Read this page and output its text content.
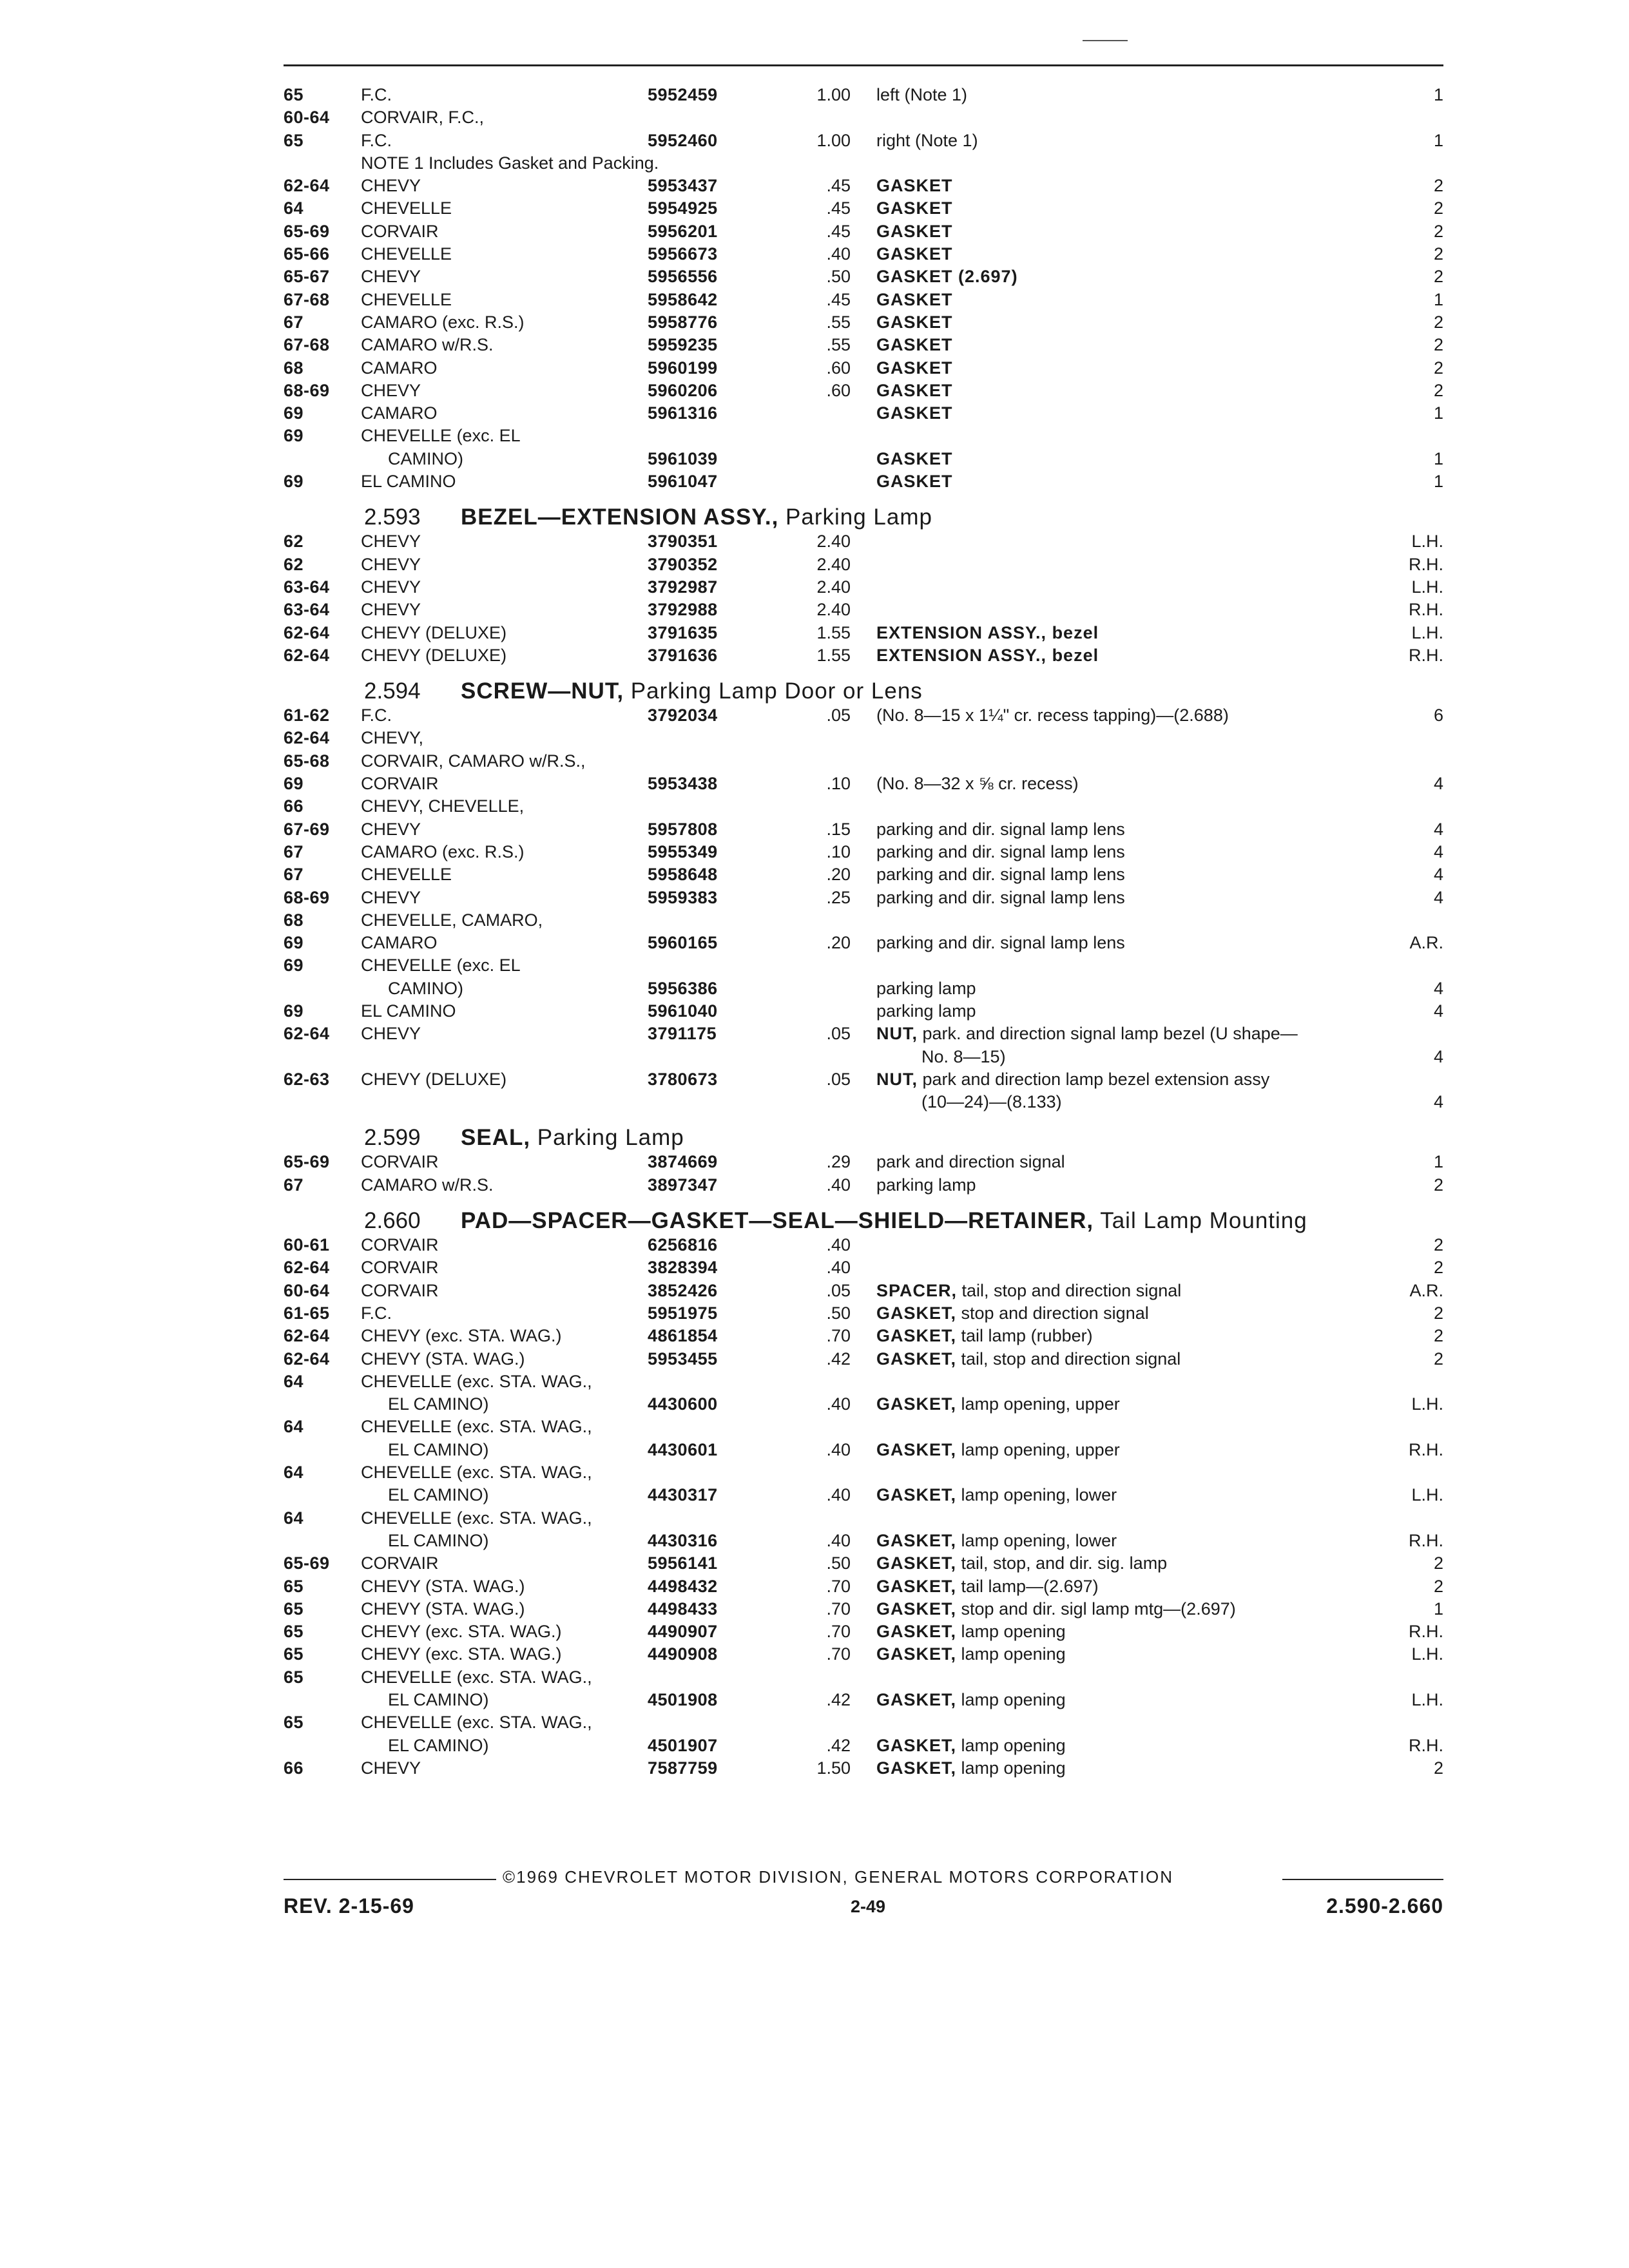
65	F.C.	5952459	1.00 left (Note 1)	1
60-64	CORVAIR, F.C.,
65	F.C.	5952460	1.00 right (Note 1)	1
NOTE 1 Includes Gasket and Packing.
62-64	CHEVY	5953437	.45 GASKET	2
64	CHEVELLE	5954925	.45 GASKET	2
65-69	CORVAIR	5956201	.45 GASKET	2
65-66	CHEVELLE	5956673	.40 GASKET	2
65-67	CHEVY	5956556	.50 GASKET (2.697)	2
67-68	CHEVELLE	5958642	.45 GASKET	1
67	CAMARO (exc. R.S.)	5958776	.55 GASKET	2
67-68	CAMARO w/R.S.	5959235	.55 GASKET	2
68	CAMARO	5960199	.60 GASKET	2
68-69	CHEVY	5960206	.60 GASKET	2
69	CAMARO	5961316	GASKET	1
69	CHEVELLE (exc. EL
CAMINO)	5961039	GASKET	1
69	EL CAMINO	5961047	GASKET	1
2.593 BEZEL—EXTENSION ASSY., Parking Lamp
62	CHEVY	3790351	2.40	L.H.
62	CHEVY	3790352	2.40	R.H.
63-64	CHEVY	3792987	2.40	L.H.
63-64	CHEVY	3792988	2.40	R.H.
62-64	CHEVY (DELUXE)	3791635	1.55 EXTENSION ASSY., bezel	L.H.
62-64	CHEVY (DELUXE)	3791636	1.55 EXTENSION ASSY., bezel	R.H.
2.594 SCREW—NUT, Parking Lamp Door or Lens
61-62	F.C.	3792034	.05 (No. 8—15 x 1¼" cr. recess tapping)—(2.688)	6
62-64	CHEVY,
65-68	CORVAIR, CAMARO w/R.S.,
69	CORVAIR	5953438	.10 (No. 8—32 x ⅝ cr. recess)	4
66	CHEVY, CHEVELLE,
67-69	CHEVY	5957808	.15 parking and dir. signal lamp lens	4
67	CAMARO (exc. R.S.)	5955349	.10 parking and dir. signal lamp lens	4
67	CHEVELLE	5958648	.20 parking and dir. signal lamp lens	4
68-69	CHEVY	5959383	.25 parking and dir. signal lamp lens	4
68	CHEVELLE, CAMARO,
69	CAMARO	5960165	.20 parking and dir. signal lamp lens	A.R.
69	CHEVELLE (exc. EL
CAMINO)	5956386	parking lamp	4
69	EL CAMINO	5961040	parking lamp	4
62-64	CHEVY	3791175	.05 NUT, park. and direction signal lamp bezel (U shape—
No. 8—15)	4
62-63	CHEVY (DELUXE)	3780673	.05 NUT, park and direction lamp bezel extension assy
(10—24)—(8.133)	4
2.599 SEAL, Parking Lamp
65-69	CORVAIR	3874669	.29 park and direction signal	1
67	CAMARO w/R.S.	3897347	.40 parking lamp	2
2.660 PAD—SPACER—GASKET—SEAL—SHIELD—RETAINER, Tail Lamp Mounting
60-61	CORVAIR	6256816	.40	2
62-64	CORVAIR	3828394	.40	2
60-64	CORVAIR	3852426	.05 SPACER, tail, stop and direction signal	A.R.
61-65	F.C.	5951975	.50 GASKET, stop and direction signal	2
62-64	CHEVY (exc. STA. WAG.)	4861854	.70 GASKET, tail lamp (rubber)	2
62-64	CHEVY (STA. WAG.)	5953455	.42 GASKET, tail, stop and direction signal	2
64	CHEVELLE (exc. STA. WAG.,
EL CAMINO)	4430600	.40 GASKET, lamp opening, upper	L.H.
64	CHEVELLE (exc. STA. WAG.,
EL CAMINO)	4430601	.40 GASKET, lamp opening, upper	R.H.
64	CHEVELLE (exc. STA. WAG.,
EL CAMINO)	4430317	.40 GASKET, lamp opening, lower	L.H.
64	CHEVELLE (exc. STA. WAG.,
EL CAMINO)	4430316	.40 GASKET, lamp opening, lower	R.H.
65-69	CORVAIR	5956141	.50 GASKET, tail, stop, and dir. sig. lamp	2
65	CHEVY (STA. WAG.)	4498432	.70 GASKET, tail lamp—(2.697)	2
65	CHEVY (STA. WAG.)	4498433	.70 GASKET, stop and dir. sigl lamp mtg—(2.697)	1
65	CHEVY (exc. STA. WAG.)	4490907	.70 GASKET, lamp opening	R.H.
65	CHEVY (exc. STA. WAG.)	4490908	.70 GASKET, lamp opening	L.H.
65	CHEVELLE (exc. STA. WAG.,
EL CAMINO)	4501908	.42 GASKET, lamp opening	L.H.
65	CHEVELLE (exc. STA. WAG.,
EL CAMINO)	4501907	.42 GASKET, lamp opening	R.H.
66	CHEVY	7587759	1.50 GASKET, lamp opening	2
©1969 CHEVROLET MOTOR DIVISION, GENERAL MOTORS CORPORATION
REV. 2-15-69	2-49	2.590-2.660
